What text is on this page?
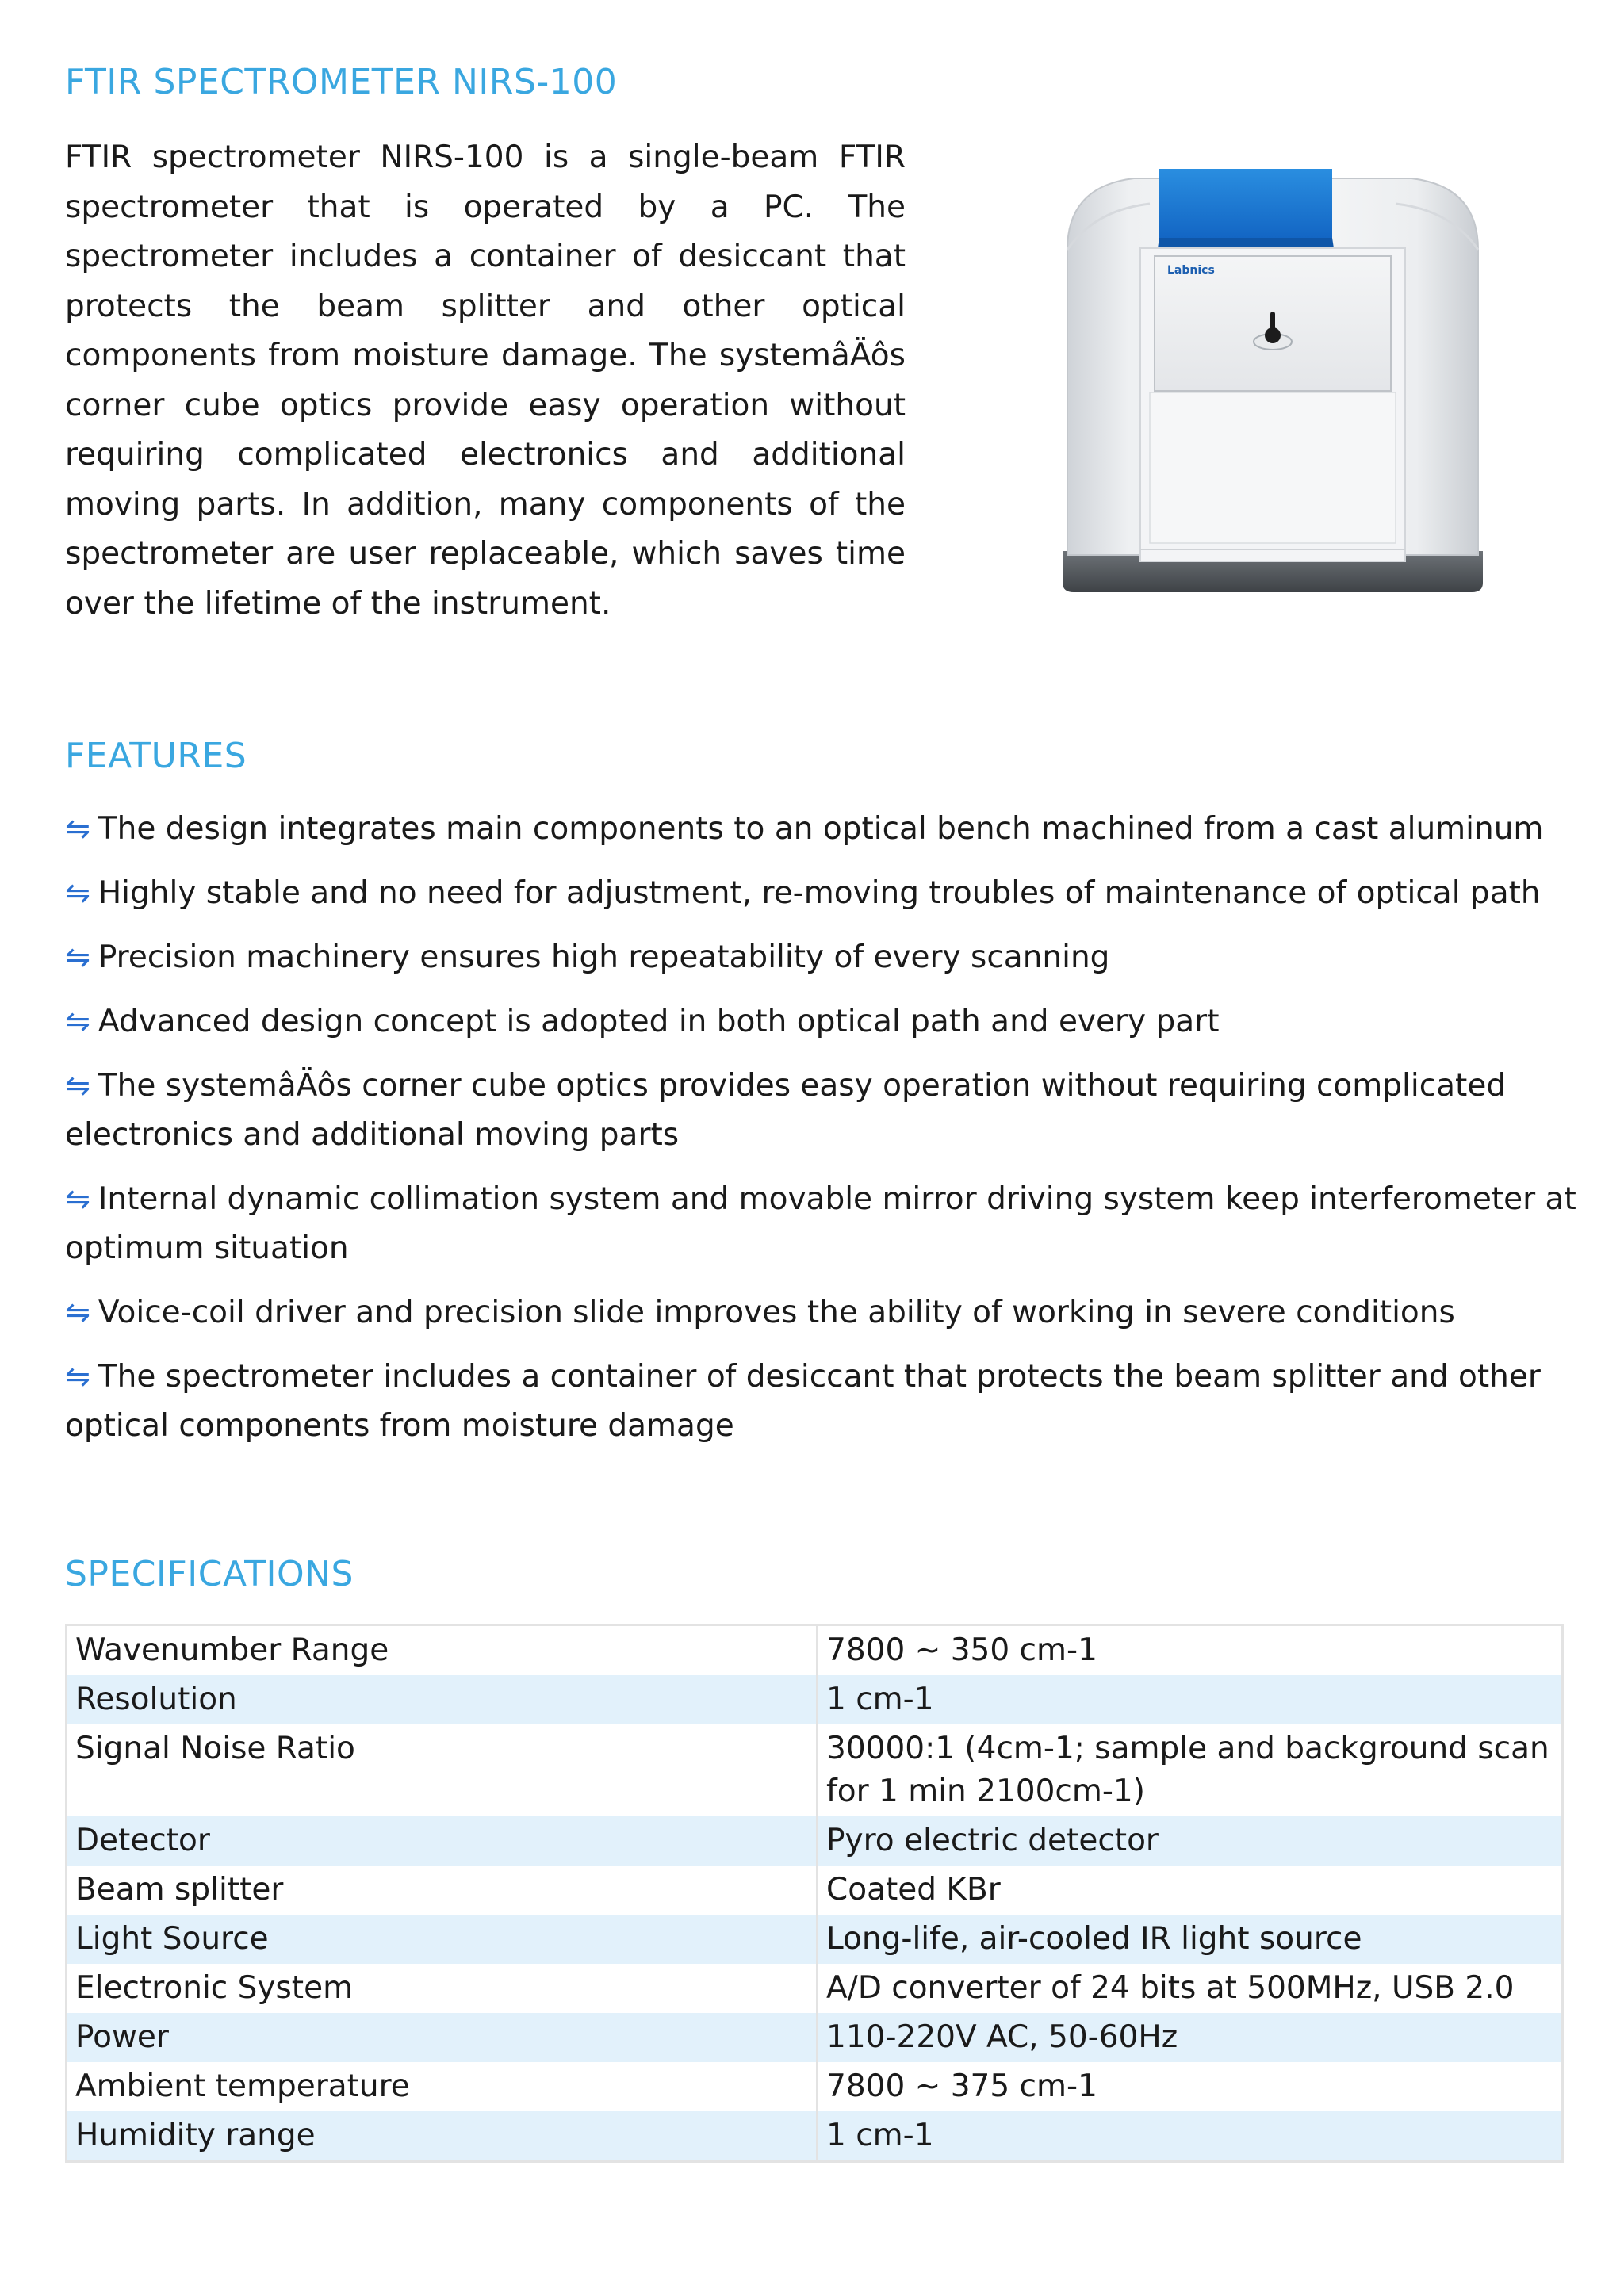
FTIR SPECTROMETER NIRS-100

FTIR spectrometer NIRS-100 is a single-beam FTIR spectrometer that is operated by a PC. The spectrometer includes a container of desiccant that protects the beam splitter and other optical components from moisture damage. The systemâÄôs corner cube optics provide easy operation without requiring complicated electronics and additional moving parts. In addition, many components of the spectrometer are user replaceable, which saves time over the lifetime of the instrument.

Labnics
FEATURES
⇋ The design integrates main components to an optical bench machined from a cast aluminum
⇋ Highly stable and no need for adjustment, re-moving troubles of maintenance of optical path
⇋ Precision machinery ensures high repeatability of every scanning
⇋ Advanced design concept is adopted in both optical path and every part
⇋ The systemâÄôs corner cube optics provides easy operation without requiring complicated electronics and additional moving parts
⇋ Internal dynamic collimation system and movable mirror driving system keep interferometer at optimum situation
⇋ Voice-coil driver and precision slide improves the ability of working in severe conditions
⇋ The spectrometer includes a container of desiccant that protects the beam splitter and other optical components from moisture damage
SPECIFICATIONS
Wavenumber Range	7800 ~ 350 cm-1
Resolution	1 cm-1
Signal Noise Ratio	30000:1 (4cm-1; sample and background scan for 1 min 2100cm-1)
Detector	Pyro electric detector
Beam splitter	Coated KBr
Light Source	Long-life, air-cooled IR light source
Electronic System	A/D converter of 24 bits at 500MHz, USB 2.0
Power	110-220V AC, 50-60Hz
Ambient temperature	7800 ~ 375 cm-1
Humidity range	1 cm-1
